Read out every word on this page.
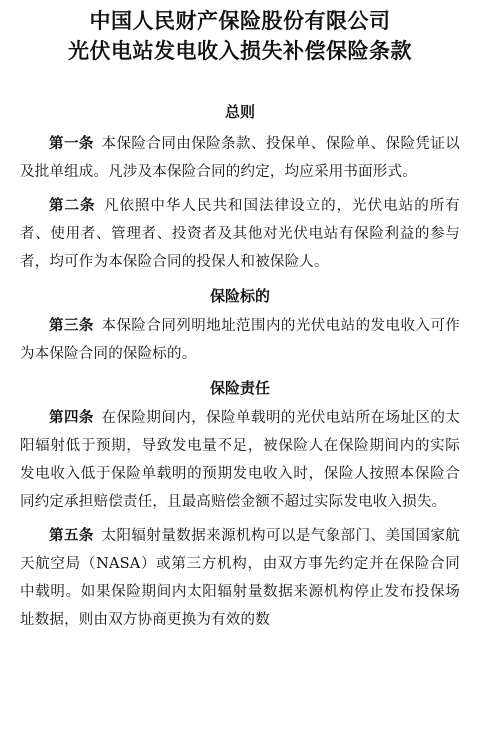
中国人民财产保险股份有限公司
光伏电站发电收入损失补偿保险条款
总则

第一条  本保险合同由保险条款、投保单、保险单、保险凭证以及批单组成。凡涉及本保险合同的约定，均应采用书面形式。

第二条  凡依照中华人民共和国法律设立的，光伏电站的所有者、使用者、管理者、投资者及其他对光伏电站有保险利益的参与者，均可作为本保险合同的投保人和被保险人。

保险标的

第三条  本保险合同列明地址范围内的光伏电站的发电收入可作为本保险合同的保险标的。

保险责任

第四条  在保险期间内，保险单载明的光伏电站所在场址区的太阳辐射低于预期，导致发电量不足，被保险人在保险期间内的实际发电收入低于保险单载明的预期发电收入时，保险人按照本保险合同约定承担赔偿责任，且最高赔偿金额不超过实际发电收入损失。

第五条  太阳辐射量数据来源机构可以是气象部门、美国国家航天航空局（NASA）或第三方机构，由双方事先约定并在保险合同中载明。如果保险期间内太阳辐射量数据来源机构停止发布投保场址数据，则由双方协商更换为有效的数
